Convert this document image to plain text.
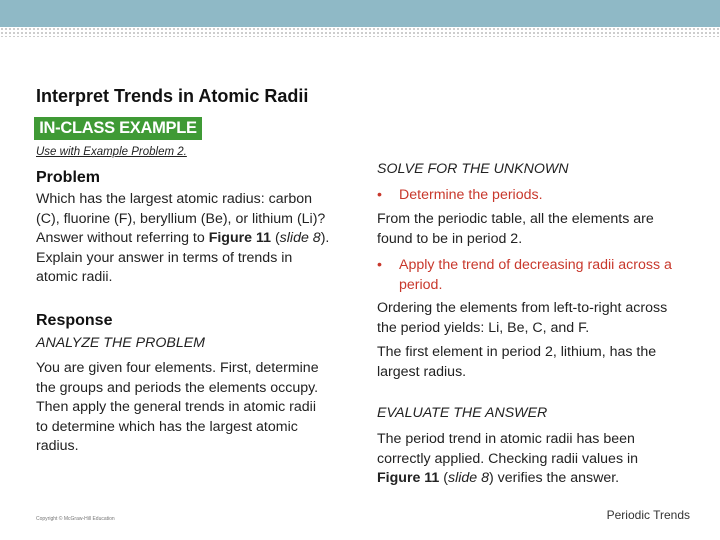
Interpret Trends in Atomic Radii
IN-CLASS EXAMPLE
Use with Example Problem 2.
Problem
Which has the largest atomic radius: carbon (C), fluorine (F), beryllium (Be), or lithium (Li)? Answer without referring to Figure 11 (slide 8). Explain your answer in terms of trends in atomic radii.
Response
ANALYZE THE PROBLEM
You are given four elements. First, determine the groups and periods the elements occupy. Then apply the general trends in atomic radii to determine which has the largest atomic radius.
SOLVE FOR THE UNKNOWN
•	Determine the periods.
From the periodic table, all the elements are found to be in period 2.
•	Apply the trend of decreasing radii across a period.
Ordering the elements from left-to-right across the period yields: Li, Be, C, and F.
The first element in period 2, lithium, has the largest radius.
EVALUATE THE ANSWER
The period trend in atomic radii has been correctly applied. Checking radii values in Figure 11 (slide 8) verifies the answer.
Copyright © McGraw-Hill Education	Periodic Trends
